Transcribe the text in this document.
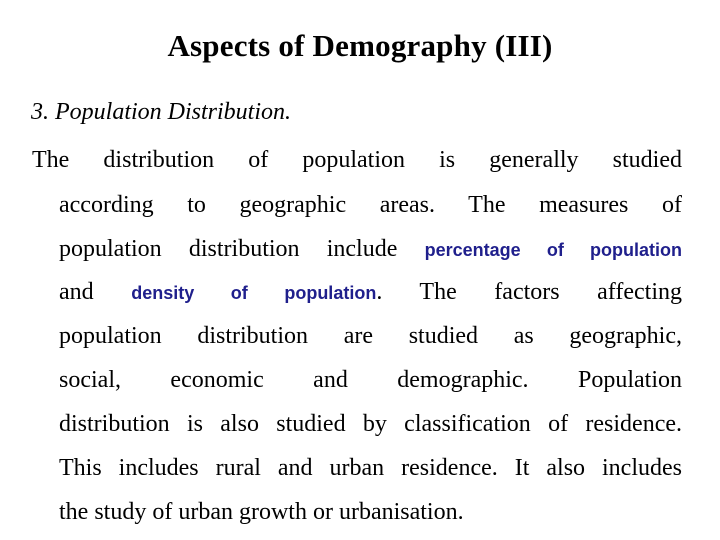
Aspects of Demography (III)
3. Population Distribution.
The distribution of population is generally studied
according to geographic areas. The measures of
population distribution include percentage of population
and density of population. The factors affecting
population distribution are studied as geographic,
social, economic and demographic. Population
distribution is also studied by classification of residence.
This includes rural and urban residence. It also includes
the study of urban growth or urbanisation.
